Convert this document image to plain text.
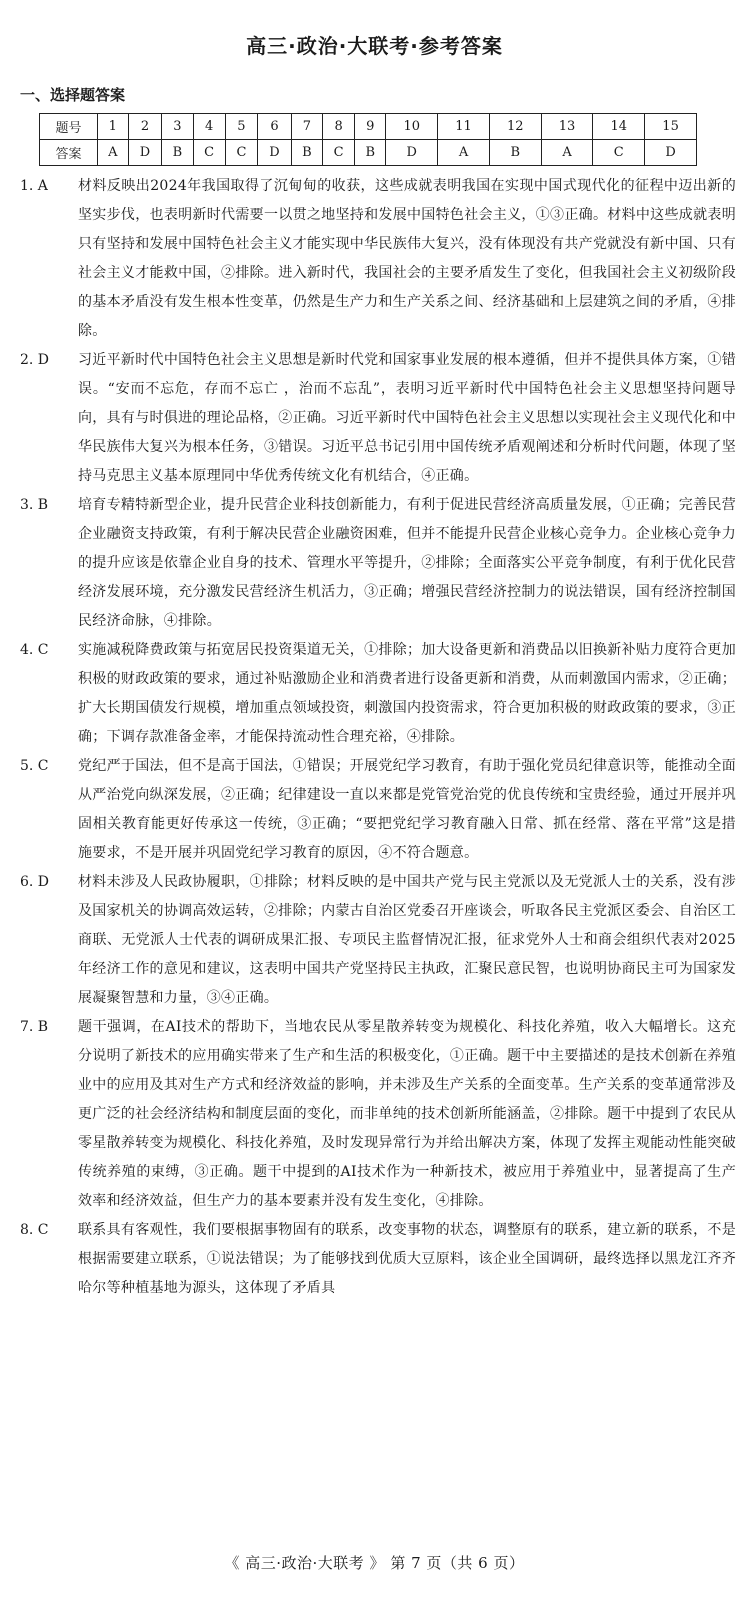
高三·政治·大联考·参考答案
一、选择题答案
题号	1	2	3	4	5	6	7	8	9	10	11	12	13	14	15
答案	A	D	B	C	C	D	B	C	B	D	A	B	A	C	D
1. A	材料反映出2024年我国取得了沉甸甸的收获，这些成就表明我国在实现中国式现代化的征程中迈出新的坚实步伐，也表明新时代需要一以贯之地坚持和发展中国特色社会主义，①③正确。材料中这些成就表明只有坚持和发展中国特色社会主义才能实现中华民族伟大复兴，没有体现没有共产党就没有新中国、只有社会主义才能救中国，②排除。进入新时代，我国社会的主要矛盾发生了变化，但我国社会主义初级阶段的基本矛盾没有发生根本性变革，仍然是生产力和生产关系之间、经济基础和上层建筑之间的矛盾，④排除。
2. D	习近平新时代中国特色社会主义思想是新时代党和国家事业发展的根本遵循，但并不提供具体方案，①错误。“安而不忘危，存而不忘亡 ，治而不忘乱”，表明习近平新时代中国特色社会主义思想坚持问题导向，具有与时俱进的理论品格，②正确。习近平新时代中国特色社会主义思想以实现社会主义现代化和中华民族伟大复兴为根本任务，③错误。习近平总书记引用中国传统矛盾观阐述和分析时代问题，体现了坚持马克思主义基本原理同中华优秀传统文化有机结合，④正确。
3. B	培育专精特新型企业，提升民营企业科技创新能力，有利于促进民营经济高质量发展，①正确；完善民营企业融资支持政策，有利于解决民营企业融资困难，但并不能提升民营企业核心竞争力。企业核心竞争力的提升应该是依靠企业自身的技术、管理水平等提升，②排除；全面落实公平竞争制度，有利于优化民营经济发展环境，充分激发民营经济生机活力，③正确；增强民营经济控制力的说法错误，国有经济控制国民经济命脉，④排除。
4. C	实施减税降费政策与拓宽居民投资渠道无关，①排除；加大设备更新和消费品以旧换新补贴力度符合更加积极的财政政策的要求，通过补贴激励企业和消费者进行设备更新和消费，从而刺激国内需求，②正确；扩大长期国债发行规模，增加重点领域投资，刺激国内投资需求，符合更加积极的财政政策的要求，③正确；下调存款准备金率，才能保持流动性合理充裕，④排除。
5. C	党纪严于国法，但不是高于国法，①错误；开展党纪学习教育，有助于强化党员纪律意识等，能推动全面从严治党向纵深发展，②正确；纪律建设一直以来都是党管党治党的优良传统和宝贵经验，通过开展并巩固相关教育能更好传承这一传统，③正确；“要把党纪学习教育融入日常、抓在经常、落在平常”这是措施要求，不是开展并巩固党纪学习教育的原因，④不符合题意。
6. D	材料未涉及人民政协履职，①排除；材料反映的是中国共产党与民主党派以及无党派人士的关系，没有涉及国家机关的协调高效运转，②排除；内蒙古自治区党委召开座谈会，听取各民主党派区委会、自治区工商联、无党派人士代表的调研成果汇报、专项民主监督情况汇报，征求党外人士和商会组织代表对2025年经济工作的意见和建议，这表明中国共产党坚持民主执政，汇聚民意民智，也说明协商民主可为国家发展凝聚智慧和力量，③④正确。
7. B	题干强调，在AI技术的帮助下，当地农民从零星散养转变为规模化、科技化养殖，收入大幅增长。这充分说明了新技术的应用确实带来了生产和生活的积极变化，①正确。题干中主要描述的是技术创新在养殖业中的应用及其对生产方式和经济效益的影响，并未涉及生产关系的全面变革。生产关系的变革通常涉及更广泛的社会经济结构和制度层面的变化，而非单纯的技术创新所能涵盖，②排除。题干中提到了农民从零星散养转变为规模化、科技化养殖，及时发现异常行为并给出解决方案，体现了发挥主观能动性能突破传统养殖的束缚，③正确。题干中提到的AI技术作为一种新技术，被应用于养殖业中，显著提高了生产效率和经济效益，但生产力的基本要素并没有发生变化，④排除。
8. C	联系具有客观性，我们要根据事物固有的联系，改变事物的状态，调整原有的联系，建立新的联系，不是根据需要建立联系，①说法错误；为了能够找到优质大豆原料，该企业全国调研，最终选择以黑龙江齐齐哈尔等种植基地为源头，这体现了矛盾具
《 高三·政治·大联考 》 第 7 页（共 6 页）
